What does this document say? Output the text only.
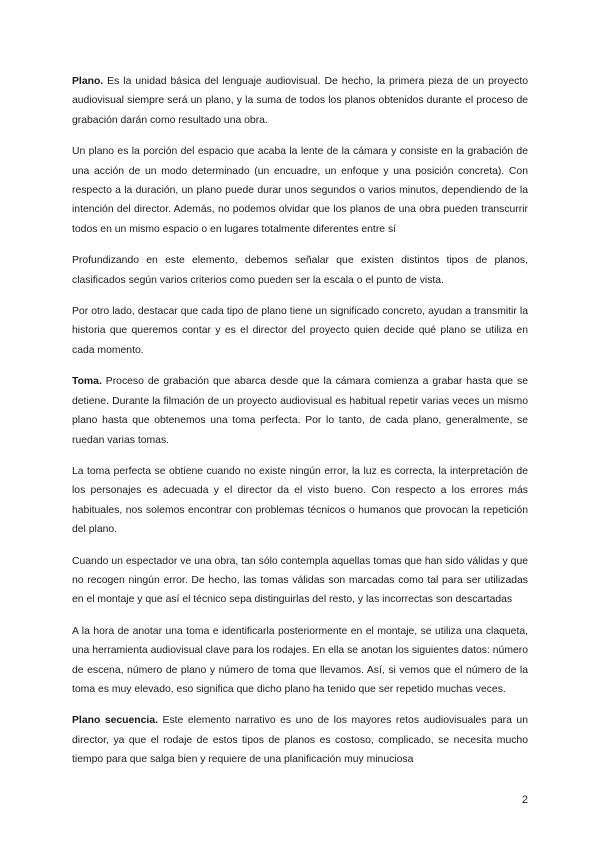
Plano. Es la unidad básica del lenguaje audiovisual. De hecho, la primera pieza de un proyecto audiovisual siempre será un plano, y la suma de todos los planos obtenidos durante el proceso de grabación darán como resultado una obra.

Un plano es la porción del espacio que acaba la lente de la cámara y consiste en la grabación de una acción de un modo determinado (un encuadre, un enfoque y una posición concreta). Con respecto a la duración, un plano puede durar unos segundos o varios minutos, dependiendo de la intención del director. Además, no podemos olvidar que los planos de una obra pueden transcurrir todos en un mismo espacio o en lugares totalmente diferentes entre sí

Profundizando en este elemento, debemos señalar que existen distintos tipos de planos, clasificados según varios criterios como pueden ser la escala o el punto de vista.

Por otro lado, destacar que cada tipo de plano tiene un significado concreto, ayudan a transmitir la historia que queremos contar y es el director del proyecto quien decide qué plano se utiliza en cada momento.

Toma. Proceso de grabación que abarca desde que la cámara comienza a grabar hasta que se detiene. Durante la filmación de un proyecto audiovisual es habitual repetir varias veces un mismo plano hasta que obtenemos una toma perfecta. Por lo tanto, de cada plano, generalmente, se ruedan varias tomas.

La toma perfecta se obtiene cuando no existe ningún error, la luz es correcta, la interpretación de los personajes es adecuada y el director da el visto bueno. Con respecto a los errores más habituales, nos solemos encontrar con problemas técnicos o humanos que provocan la repetición del plano.

Cuando un espectador ve una obra, tan sólo contempla aquellas tomas que han sido válidas y que no recogen ningún error. De hecho, las tomas válidas son marcadas como tal para ser utilizadas en el montaje y que así el técnico sepa distinguirlas del resto, y las incorrectas son descartadas

A la hora de anotar una toma e identificarla posteriormente en el montaje, se utiliza una claqueta, una herramienta audiovisual clave para los rodajes. En ella se anotan los siguientes datos: número de escena, número de plano y número de toma que llevamos. Así, si vemos que el número de la toma es muy elevado, eso significa que dicho plano ha tenido que ser repetido muchas veces.

Plano secuencia. Este elemento narrativo es uno de los mayores retos audiovisuales para un director, ya que el rodaje de estos tipos de planos es costoso, complicado, se necesita mucho tiempo para que salga bien y requiere de una planificación muy minuciosa

2
